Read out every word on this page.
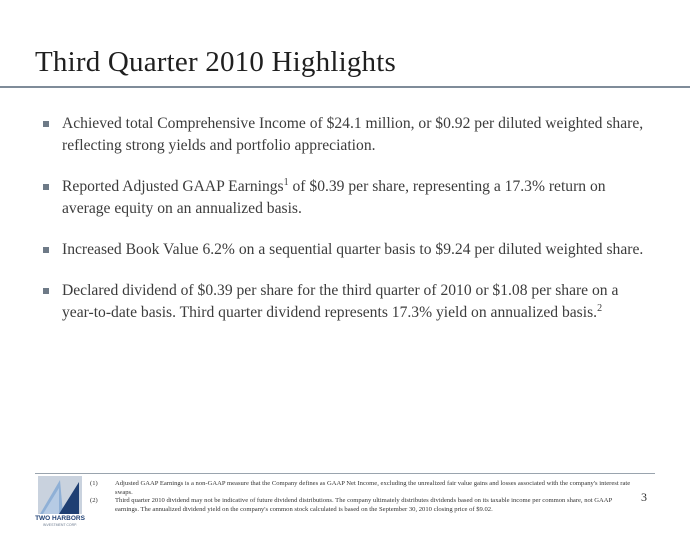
Third Quarter 2010 Highlights
Achieved total Comprehensive Income of $24.1 million, or $0.92 per diluted weighted share, reflecting strong yields and portfolio appreciation.
Reported Adjusted GAAP Earnings$^1$ of $0.39 per share, representing a 17.3% return on average equity on an annualized basis.
Increased Book Value 6.2% on a sequential quarter basis to $9.24 per diluted weighted share.
Declared dividend of $0.39 per share for the third quarter of 2010 or $1.08 per share on a year-to-date basis. Third quarter dividend represents 17.3% yield on annualized basis.$^2$
TWO HARBORS
INVESTMENT CORP.
(1)	Adjusted GAAP Earnings is a non-GAAP measure that the Company defines as GAAP Net Income, excluding the unrealized fair value gains and losses associated with the company's interest rate swaps.
(2)	Third quarter 2010 dividend may not be indicative of future dividend distributions. The company ultimately distributes dividends based on its taxable income per common share, not GAAP earnings. The annualized dividend yield on the company's common stock calculated is based on the September 30, 2010 closing price of $9.02.
3
